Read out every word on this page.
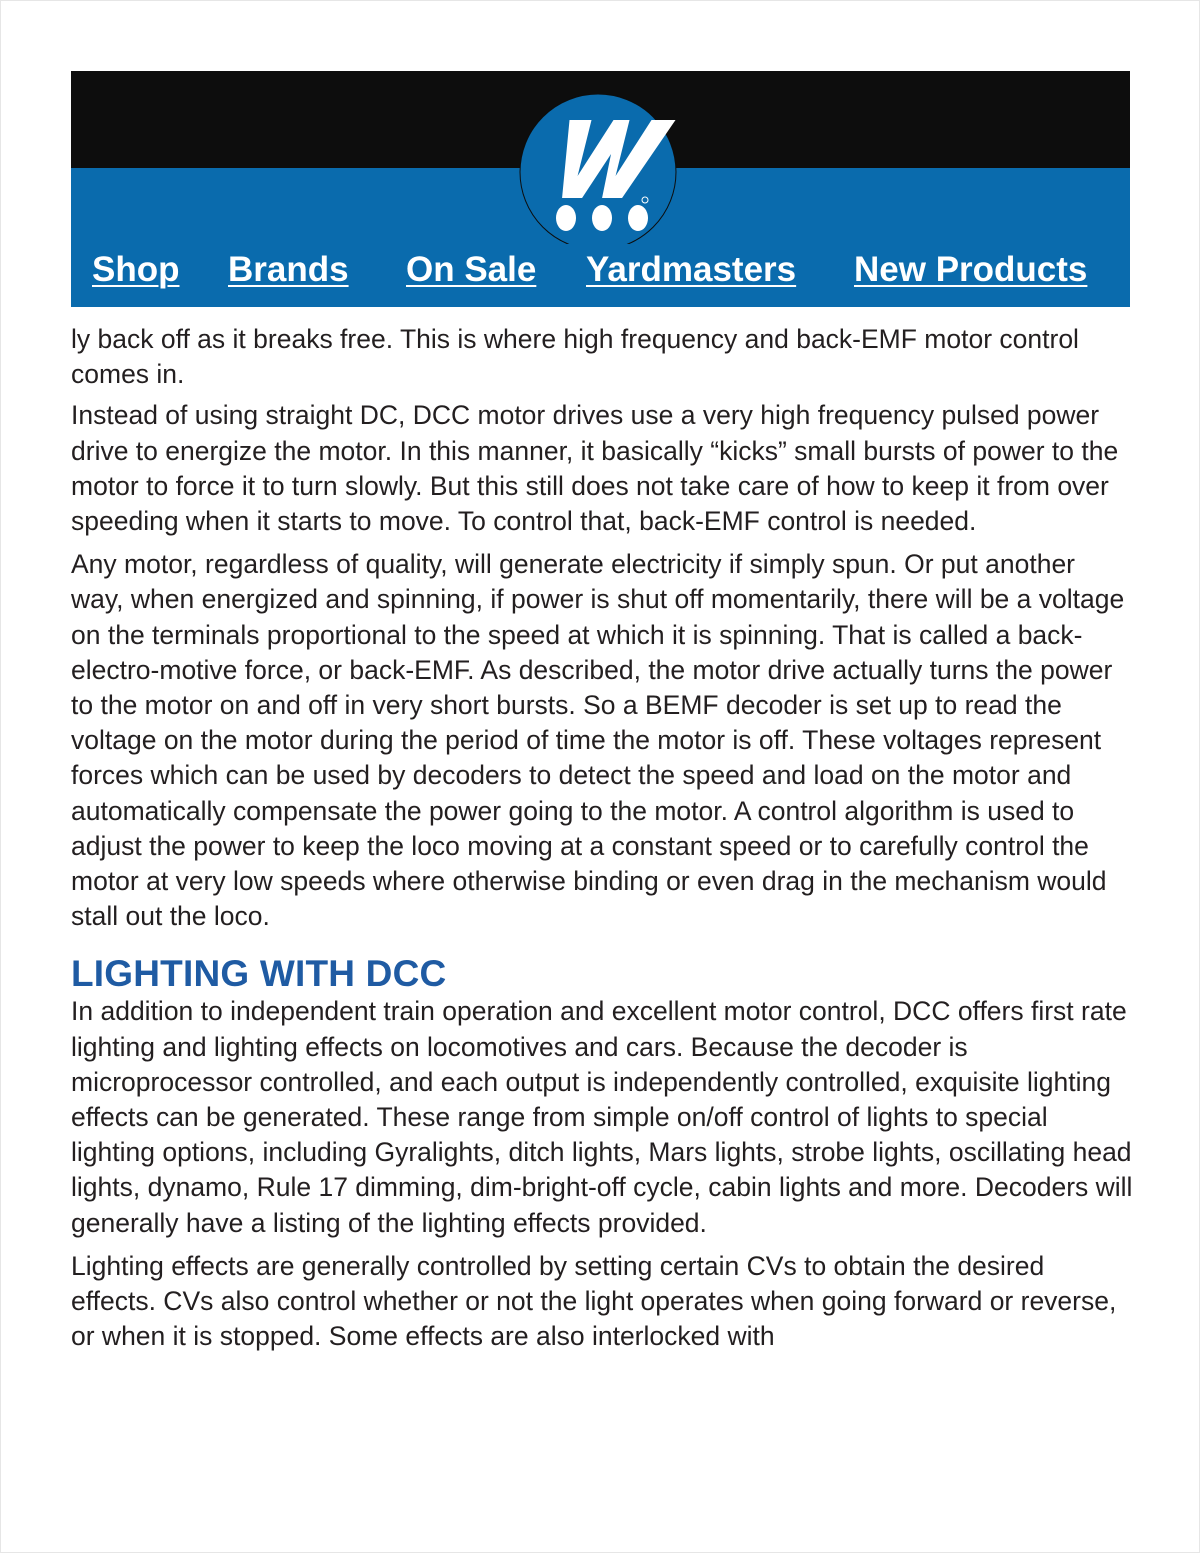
Shop Brands On Sale Yardmasters New Products

ly back off as it breaks free. This is where high frequency and back-EMF motor control comes in.

Instead of using straight DC, DCC motor drives use a very high frequency pulsed power drive to energize the motor. In this manner, it basically “kicks” small bursts of power to the motor to force it to turn slowly. But this still does not take care of how to keep it from over speeding when it starts to move. To control that, back-EMF control is needed.

Any motor, regardless of quality, will generate electricity if simply spun. Or put another way, when energized and spinning, if power is shut off momentarily, there will be a voltage on the terminals proportional to the speed at which it is spinning. That is called a back-electro-motive force, or back-EMF. As described, the motor drive actually turns the power to the motor on and off in very short bursts. So a BEMF decoder is set up to read the voltage on the motor during the period of time the motor is off. These voltages represent forces which can be used by decoders to detect the speed and load on the motor and automatically compensate the power going to the motor. A control algorithm is used to adjust the power to keep the loco moving at a constant speed or to carefully control the motor at very low speeds where otherwise binding or even drag in the mechanism would stall out the loco.

LIGHTING WITH DCC

In addition to independent train operation and excellent motor control, DCC offers first rate lighting and lighting effects on locomotives and cars. Because the decoder is microprocessor controlled, and each output is independently controlled, exquisite lighting effects can be generated. These range from simple on/off control of lights to special lighting options, including Gyralights, ditch lights, Mars lights, strobe lights, oscillating head lights, dynamo, Rule 17 dimming, dim-bright-off cycle, cabin lights and more. Decoders will generally have a listing of the lighting effects provided.

Lighting effects are generally controlled by setting certain CVs to obtain the desired effects. CVs also control whether or not the light operates when going forward or reverse, or when it is stopped. Some effects are also interlocked with
